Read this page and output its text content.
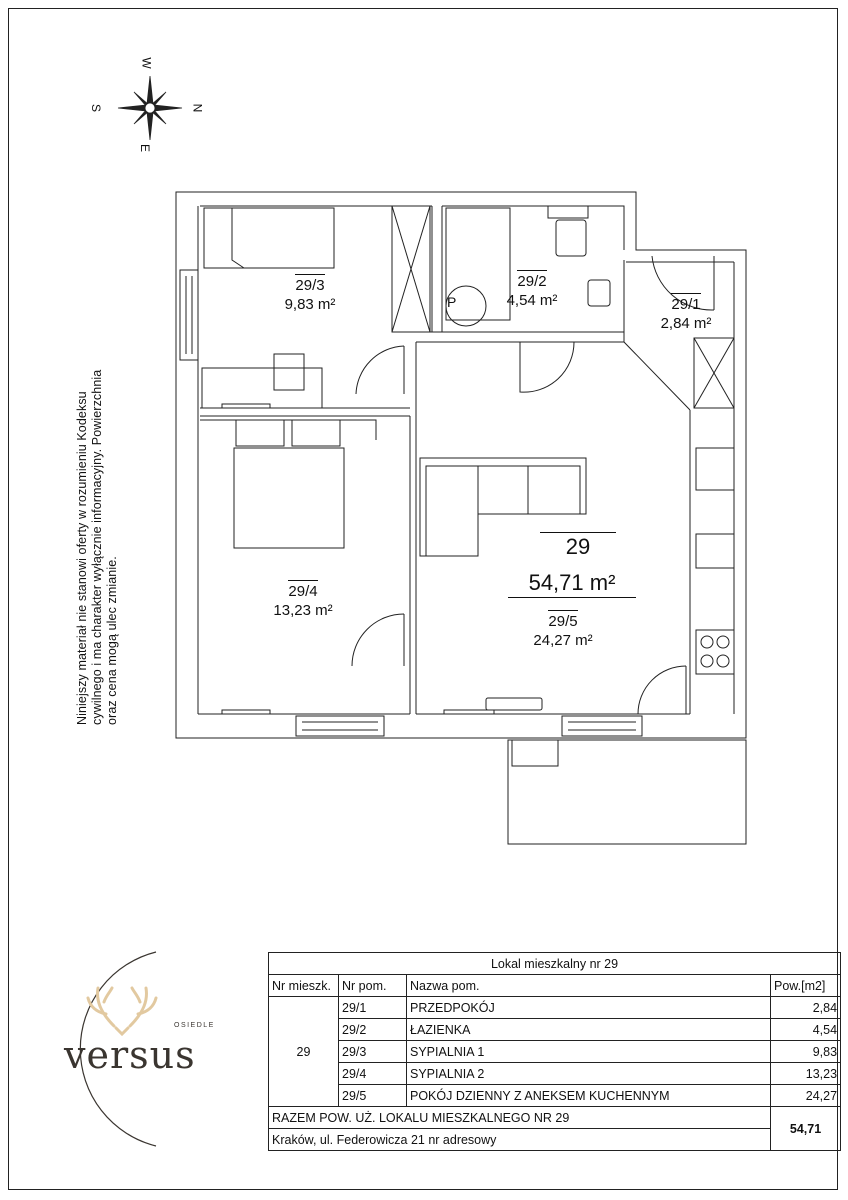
W
S	N
E
Niniejszy materiał nie stanowi oferty w rozumieniu Kodeksu cywilnego i ma charakter wyłącznie informacyjny. Powierzchnia oraz cena mogą ulec zmianie.
29/3
9,83 m²
29/2
4,54 m²	29/1
2,84 m²
29/4
13,23 m²
29/5
24,27 m²
29
54,71 m²
P
OSIEDLE
versus
Lokal mieszkalny nr 29			
Nr mieszk.	Nr pom.	Nazwa pom.	Pow.[m2]
29	29/1	PRZEDPOKÓJ	2,84
	29/2	ŁAZIENKA	4,54
	29/3	SYPIALNIA 1	9,83
	29/4	SYPIALNIA 2	13,23
	29/5	POKÓJ DZIENNY Z ANEKSEM KUCHENNYM	24,27
RAZEM POW. UŻ. LOKALU MIESZKALNEGO NR 29			54,71
Kraków, ul. Federowicza 21 nr adresowy			
